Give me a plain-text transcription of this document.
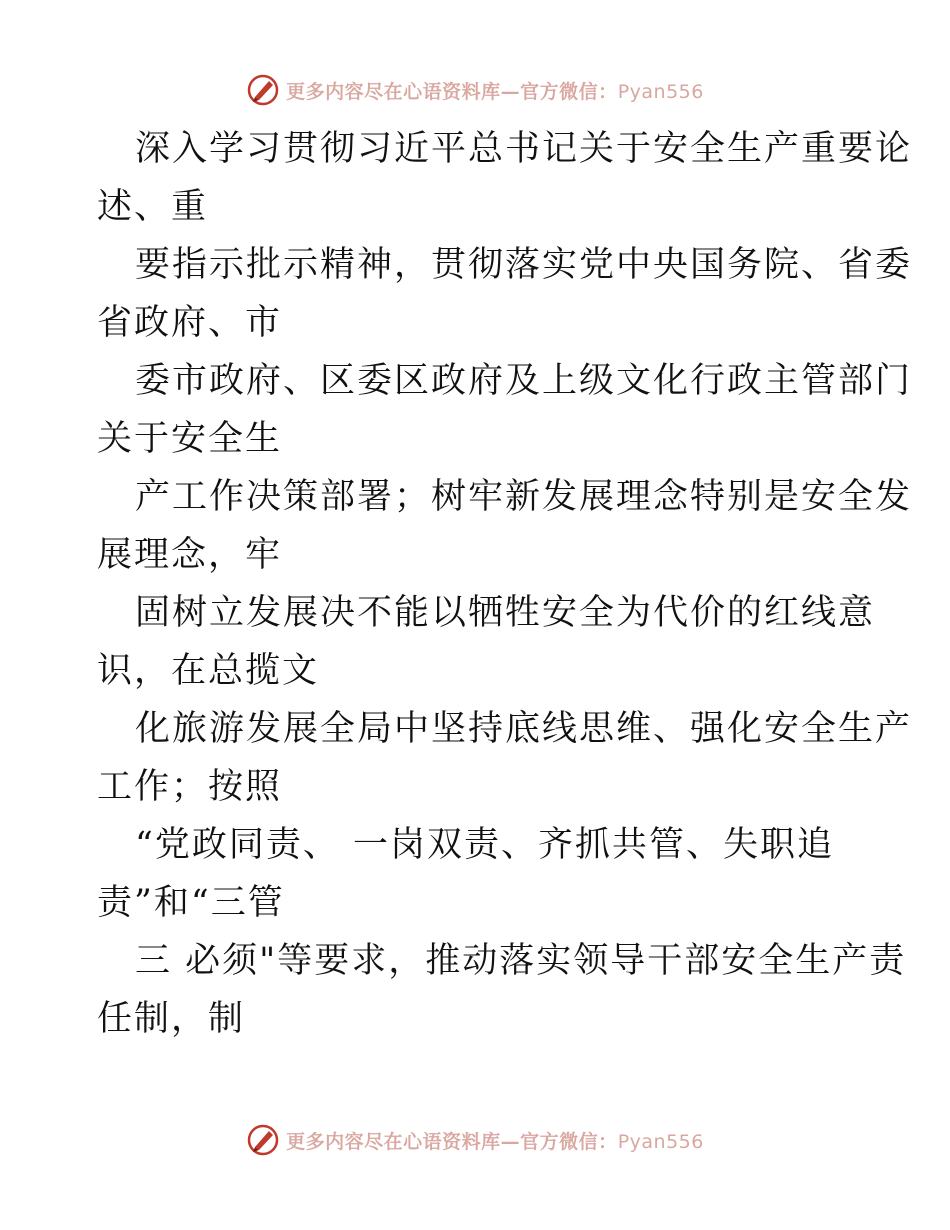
更多内容尽在心语资料库—官方微信：Pyan556

深入学习贯彻习近平总书记关于安全生产重要论
述、重

要指示批示精神，贯彻落实党中央国务院、省委
省政府、市

委市政府、区委区政府及上级文化行政主管部门
关于安全生

产工作决策部署；树牢新发展理念特别是安全发
展理念，牢

固树立发展决不能以牺牲安全为代价的红线意
识，在总揽文

化旅游发展全局中坚持底线思维、强化安全生产
工作；按照

“党政同责、 一岗双责、齐抓共管、失职追
责”和“三管

三 必须"等要求，推动落实领导干部安全生产责
任制，制

更多内容尽在心语资料库—官方微信：Pyan556
